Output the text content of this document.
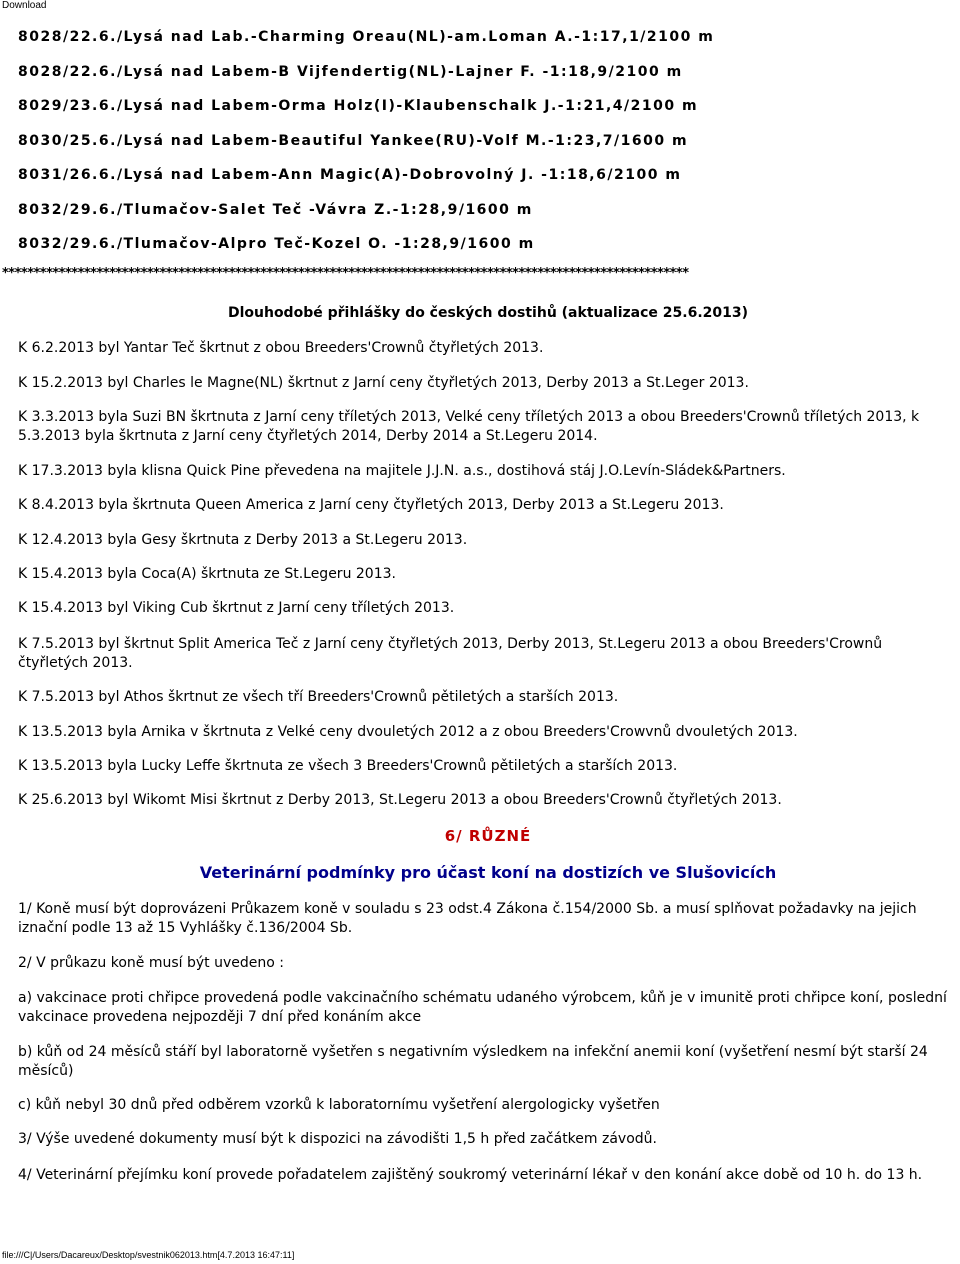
Download
8028/22.6./Lysá nad Lab.-Charming Oreau(NL)-am.Loman A.-1:17,1/2100 m
8028/22.6./Lysá nad Labem-B Vijfendertig(NL)-Lajner F. -1:18,9/2100 m
8029/23.6./Lysá nad Labem-Orma Holz(I)-Klaubenschalk J.-1:21,4/2100 m
8030/25.6./Lysá nad Labem-Beautiful Yankee(RU)-Volf M.-1:23,7/1600 m
8031/26.6./Lysá nad Labem-Ann Magic(A)-Dobrovolný J. -1:18,6/2100 m
8032/29.6./Tlumačov-Salet Teč -Vávra Z.-1:28,9/1600 m
8032/29.6./Tlumačov-Alpro Teč-Kozel O. -1:28,9/1600 m
*************************************************************************************************************
Dlouhodobé přihlášky do českých dostihů (aktualizace 25.6.2013)
K 6.2.2013 byl Yantar Teč škrtnut z obou Breeders'Crownů čtyřletých 2013.
K 15.2.2013 byl Charles le Magne(NL) škrtnut z Jarní ceny čtyřletých 2013, Derby 2013 a St.Leger 2013.
K 3.3.2013 byla Suzi BN škrtnuta z Jarní ceny tříletých 2013, Velké ceny tříletých 2013 a obou Breeders'Crownů tříletých 2013, k 5.3.2013 byla škrtnuta z Jarní ceny čtyřletých 2014, Derby 2014 a St.Legeru 2014.
K 17.3.2013 byla klisna Quick Pine převedena na majitele J.J.N. a.s., dostihová stáj J.O.Levín-Sládek&Partners.
K 8.4.2013 byla škrtnuta Queen America z Jarní ceny čtyřletých 2013, Derby 2013 a St.Legeru 2013.
K 12.4.2013 byla Gesy škrtnuta z Derby 2013 a St.Legeru 2013.
K 15.4.2013 byla Coca(A) škrtnuta ze St.Legeru 2013.
K 15.4.2013 byl Viking Cub škrtnut z Jarní ceny tříletých 2013.
K 7.5.2013 byl škrtnut Split America Teč z Jarní ceny čtyřletých 2013, Derby 2013, St.Legeru 2013 a obou Breeders'Crownů čtyřletých 2013.
K 7.5.2013 byl Athos škrtnut ze všech tří Breeders'Crownů pětiletých a starších 2013.
K 13.5.2013 byla Arnika v škrtnuta z Velké ceny dvouletých 2012 a z obou Breeders'Crowvnů dvouletých 2013.
K 13.5.2013 byla Lucky Leffe škrtnuta ze všech 3 Breeders'Crownů pětiletých a starších 2013.
K 25.6.2013 byl Wikomt Misi škrtnut z Derby 2013, St.Legeru 2013 a obou Breeders'Crownů čtyřletých 2013.
6/ RŮZNÉ
Veterinární podmínky pro účast koní na dostizích ve Slušovicích
1/ Koně musí být doprovázeni Průkazem koně v souladu s 23 odst.4 Zákona č.154/2000 Sb. a musí splňovat požadavky na jejich iznační podle 13 až 15 Vyhlášky č.136/2004 Sb.
2/ V průkazu koně musí být uvedeno :
a) vakcinace proti chřipce provedená podle vakcinačního schématu udaného výrobcem, kůň je v imunitě proti chřipce koní, poslední vakcinace provedena nejpozději 7 dní před konáním akce
b) kůň od 24 měsíců stáří byl laboratorně vyšetřen s negativním výsledkem na infekční anemii koní (vyšetření nesmí být starší 24 měsíců)
c) kůň nebyl 30 dnů před odběrem vzorků k laboratornímu vyšetření alergologicky vyšetřen
3/ Výše uvedené dokumenty musí být k dispozici na závodišti 1,5 h před začátkem závodů.
4/ Veterinární přejímku koní provede pořadatelem zajištěný soukromý veterinární lékař v den konání akce době od 10 h. do 13 h.
file:///C|/Users/Dacareux/Desktop/svestnik062013.htm[4.7.2013 16:47:11]
